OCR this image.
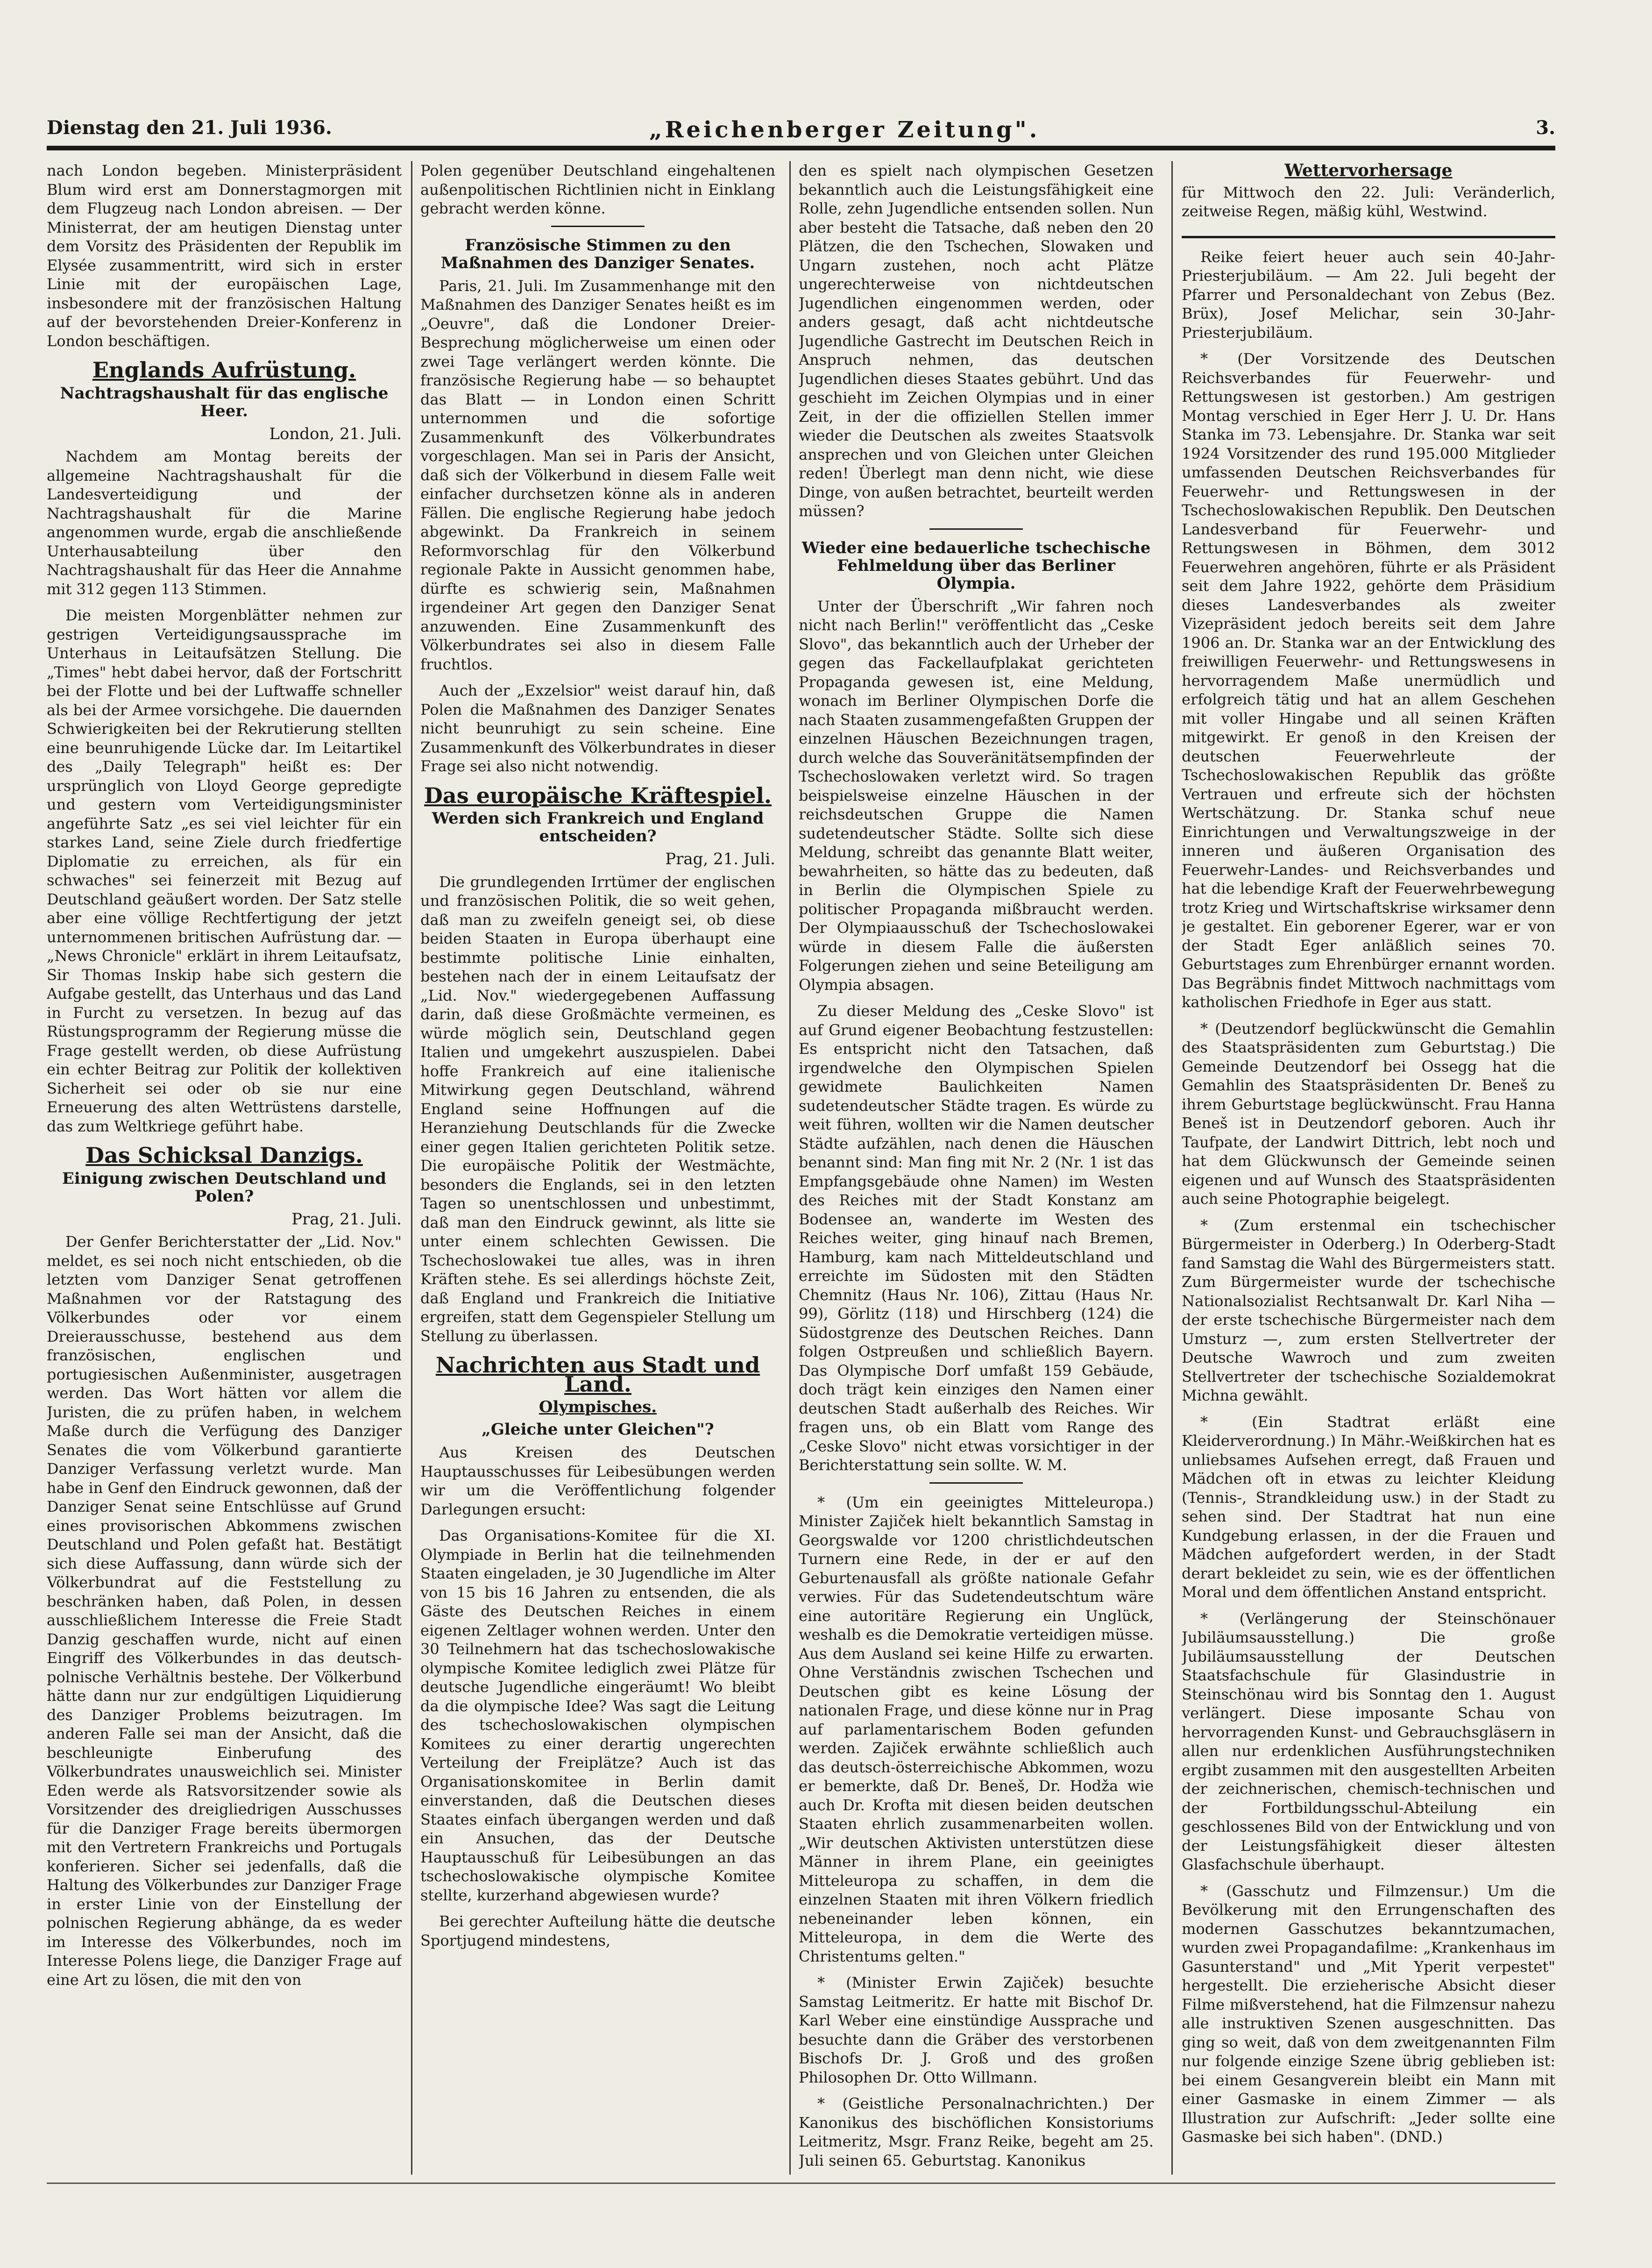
Dienstag den 21. Juli 1936.	„Reichenberger Zeitung".	3.

nach London begeben. Ministerpräsident Blum wird erst am Donnerstagmorgen mit dem Flugzeug nach London abreisen. — Der Ministerrat, der am heutigen Dienstag unter dem Vorsitz des Präsidenten der Republik im Elysée zusammentritt, wird sich in erster Linie mit der europäischen Lage, insbesondere mit der französischen Haltung auf der bevorstehenden Dreier-Konferenz in London beschäftigen.

Englands Aufrüstung.
Nachtragshaushalt für das englische Heer.
London, 21. Juli.

Nachdem am Montag bereits der allgemeine Nachtragshaushalt für die Landesverteidigung und der Nachtragshaushalt für die Marine angenommen wurde, ergab die anschließende Unterhausabteilung über den Nachtragshaushalt für das Heer die Annahme mit 312 gegen 113 Stimmen.

Die meisten Morgenblätter nehmen zur gestrigen Verteidigungsaussprache im Unterhaus in Leitaufsätzen Stellung. Die „Times" hebt dabei hervor, daß der Fortschritt bei der Flotte und bei der Luftwaffe schneller als bei der Armee vorsichgehe. Die dauernden Schwierigkeiten bei der Rekrutierung stellten eine beunruhigende Lücke dar. Im Leitartikel des „Daily Telegraph" heißt es: Der ursprünglich von Lloyd George gepredigte und gestern vom Verteidigungsminister angeführte Satz „es sei viel leichter für ein starkes Land, seine Ziele durch friedfertige Diplomatie zu erreichen, als für ein schwaches" sei feinerzeit mit Bezug auf Deutschland geäußert worden. Der Satz stelle aber eine völlige Rechtfertigung der jetzt unternommenen britischen Aufrüstung dar. — „News Chronicle" erklärt in ihrem Leitaufsatz, Sir Thomas Inskip habe sich gestern die Aufgabe gestellt, das Unterhaus und das Land in Furcht zu versetzen. In bezug auf das Rüstungsprogramm der Regierung müsse die Frage gestellt werden, ob diese Aufrüstung ein echter Beitrag zur Politik der kollektiven Sicherheit sei oder ob sie nur eine Erneuerung des alten Wettrüstens darstelle, das zum Weltkriege geführt habe.

Das Schicksal Danzigs.
Einigung zwischen Deutschland und Polen?
Prag, 21. Juli.

Der Genfer Berichterstatter der „Lid. Nov." meldet, es sei noch nicht entschieden, ob die letzten vom Danziger Senat getroffenen Maßnahmen vor der Ratstagung des Völkerbundes oder vor einem Dreierausschusse, bestehend aus dem französischen, englischen und portugiesischen Außenminister, ausgetragen werden. Das Wort hätten vor allem die Juristen, die zu prüfen haben, in welchem Maße durch die Verfügung des Danziger Senates die vom Völkerbund garantierte Danziger Verfassung verletzt wurde. Man habe in Genf den Eindruck gewonnen, daß der Danziger Senat seine Entschlüsse auf Grund eines provisorischen Abkommens zwischen Deutschland und Polen gefaßt hat. Bestätigt sich diese Auffassung, dann würde sich der Völkerbundrat auf die Feststellung zu beschränken haben, daß Polen, in dessen ausschließlichem Interesse die Freie Stadt Danzig geschaffen wurde, nicht auf einen Eingriff des Völkerbundes in das deutsch-polnische Verhältnis bestehe. Der Völkerbund hätte dann nur zur endgültigen Liquidierung des Danziger Problems beizutragen. Im anderen Falle sei man der Ansicht, daß die beschleunigte Einberufung des Völkerbundrates unausweichlich sei. Minister Eden werde als Ratsvorsitzender sowie als Vorsitzender des dreigliedrigen Ausschusses für die Danziger Frage bereits übermorgen mit den Vertretern Frankreichs und Portugals konferieren. Sicher sei jedenfalls, daß die Haltung des Völkerbundes zur Danziger Frage in erster Linie von der Einstellung der polnischen Regierung abhänge, da es weder im Interesse des Völkerbundes, noch im Interesse Polens liege, die Danziger Frage auf eine Art zu lösen, die mit den von

Polen gegenüber Deutschland eingehaltenen außenpolitischen Richtlinien nicht in Einklang gebracht werden könne.

Französische Stimmen zu den Maßnahmen des Danziger Senates.

Paris, 21. Juli. Im Zusammenhange mit den Maßnahmen des Danziger Senates heißt es im „Oeuvre", daß die Londoner Dreier-Besprechung möglicherweise um einen oder zwei Tage verlängert werden könnte. Die französische Regierung habe — so behauptet das Blatt — in London einen Schritt unternommen und die sofortige Zusammenkunft des Völkerbundrates vorgeschlagen. Man sei in Paris der Ansicht, daß sich der Völkerbund in diesem Falle weit einfacher durchsetzen könne als in anderen Fällen. Die englische Regierung habe jedoch abgewinkt. Da Frankreich in seinem Reformvorschlag für den Völkerbund regionale Pakte in Aussicht genommen habe, dürfte es schwierig sein, Maßnahmen irgendeiner Art gegen den Danziger Senat anzuwenden. Eine Zusammenkunft des Völkerbundrates sei also in diesem Falle fruchtlos.

Auch der „Exzelsior" weist darauf hin, daß Polen die Maßnahmen des Danziger Senates nicht beunruhigt zu sein scheine. Eine Zusammenkunft des Völkerbundrates in dieser Frage sei also nicht notwendig.

Das europäische Kräftespiel.
Werden sich Frankreich und England entscheiden?
Prag, 21. Juli.

Die grundlegenden Irrtümer der englischen und französischen Politik, die so weit gehen, daß man zu zweifeln geneigt sei, ob diese beiden Staaten in Europa überhaupt eine bestimmte politische Linie einhalten, bestehen nach der in einem Leitaufsatz der „Lid. Nov." wiedergegebenen Auffassung darin, daß diese Großmächte vermeinen, es würde möglich sein, Deutschland gegen Italien und umgekehrt auszuspielen. Dabei hoffe Frankreich auf eine italienische Mitwirkung gegen Deutschland, während England seine Hoffnungen auf die Heranziehung Deutschlands für die Zwecke einer gegen Italien gerichteten Politik setze. Die europäische Politik der Westmächte, besonders die Englands, sei in den letzten Tagen so unentschlossen und unbestimmt, daß man den Eindruck gewinnt, als litte sie unter einem schlechten Gewissen. Die Tschechoslowakei tue alles, was in ihren Kräften stehe. Es sei allerdings höchste Zeit, daß England und Frankreich die Initiative ergreifen, statt dem Gegenspieler Stellung um Stellung zu überlassen.

Nachrichten aus Stadt und Land.
Olympisches.
„Gleiche unter Gleichen"?

Aus Kreisen des Deutschen Hauptausschusses für Leibesübungen werden wir um die Veröffentlichung folgender Darlegungen ersucht:

Das Organisations-Komitee für die XI. Olympiade in Berlin hat die teilnehmenden Staaten eingeladen, je 30 Jugendliche im Alter von 15 bis 16 Jahren zu entsenden, die als Gäste des Deutschen Reiches in einem eigenen Zeltlager wohnen werden. Unter den 30 Teilnehmern hat das tschechoslowakische olympische Komitee lediglich zwei Plätze für deutsche Jugendliche eingeräumt! Wo bleibt da die olympische Idee? Was sagt die Leitung des tschechoslowakischen olympischen Komitees zu einer derartig ungerechten Verteilung der Freiplätze? Auch ist das Organisationskomitee in Berlin damit einverstanden, daß die Deutschen dieses Staates einfach übergangen werden und daß ein Ansuchen, das der Deutsche Hauptausschuß für Leibesübungen an das tschechoslowakische olympische Komitee stellte, kurzerhand abgewiesen wurde?

Bei gerechter Aufteilung hätte die deutsche Sportjugend mindestens,

den es spielt nach olympischen Gesetzen bekanntlich auch die Leistungsfähigkeit eine Rolle, zehn Jugendliche entsenden sollen. Nun aber besteht die Tatsache, daß neben den 20 Plätzen, die den Tschechen, Slowaken und Ungarn zustehen, noch acht Plätze ungerechterweise von nichtdeutschen Jugendlichen eingenommen werden, oder anders gesagt, daß acht nichtdeutsche Jugendliche Gastrecht im Deutschen Reich in Anspruch nehmen, das deutschen Jugendlichen dieses Staates gebührt. Und das geschieht im Zeichen Olympias und in einer Zeit, in der die offiziellen Stellen immer wieder die Deutschen als zweites Staatsvolk ansprechen und von Gleichen unter Gleichen reden! Überlegt man denn nicht, wie diese Dinge, von außen betrachtet, beurteilt werden müssen?

Wieder eine bedauerliche tschechische Fehlmeldung über das Berliner Olympia.

Unter der Überschrift „Wir fahren noch nicht nach Berlin!" veröffentlicht das „Ceske Slovo", das bekanntlich auch der Urheber der gegen das Fackellaufplakat gerichteten Propaganda gewesen ist, eine Meldung, wonach im Berliner Olympischen Dorfe die nach Staaten zusammengefaßten Gruppen der einzelnen Häuschen Bezeichnungen tragen, durch welche das Souveränitätsempfinden der Tschechoslowaken verletzt wird. So tragen beispielsweise einzelne Häuschen in der reichsdeutschen Gruppe die Namen sudetendeutscher Städte. Sollte sich diese Meldung, schreibt das genannte Blatt weiter, bewahrheiten, so hätte das zu bedeuten, daß in Berlin die Olympischen Spiele zu politischer Propaganda mißbraucht werden. Der Olympiaausschuß der Tschechoslowakei würde in diesem Falle die äußersten Folgerungen ziehen und seine Beteiligung am Olympia absagen.

Zu dieser Meldung des „Ceske Slovo" ist auf Grund eigener Beobachtung festzustellen: Es entspricht nicht den Tatsachen, daß irgendwelche den Olympischen Spielen gewidmete Baulichkeiten Namen sudetendeutscher Städte tragen. Es würde zu weit führen, wollten wir die Namen deutscher Städte aufzählen, nach denen die Häuschen benannt sind: Man fing mit Nr. 2 (Nr. 1 ist das Empfangsgebäude ohne Namen) im Westen des Reiches mit der Stadt Konstanz am Bodensee an, wanderte im Westen des Reiches weiter, ging hinauf nach Bremen, Hamburg, kam nach Mitteldeutschland und erreichte im Südosten mit den Städten Chemnitz (Haus Nr. 106), Zittau (Haus Nr. 99), Görlitz (118) und Hirschberg (124) die Südostgrenze des Deutschen Reiches. Dann folgen Ostpreußen und schließlich Bayern. Das Olympische Dorf umfaßt 159 Gebäude, doch trägt kein einziges den Namen einer deutschen Stadt außerhalb des Reiches. Wir fragen uns, ob ein Blatt vom Range des „Ceske Slovo" nicht etwas vorsichtiger in der Berichterstattung sein sollte. W. M.

* (Um ein geeinigtes Mitteleuropa.) Minister Zajiček hielt bekanntlich Samstag in Georgswalde vor 1200 christlichdeutschen Turnern eine Rede, in der er auf den Geburtenausfall als größte nationale Gefahr verwies. Für das Sudetendeutschtum wäre eine autoritäre Regierung ein Unglück, weshalb es die Demokratie verteidigen müsse. Aus dem Ausland sei keine Hilfe zu erwarten. Ohne Verständnis zwischen Tschechen und Deutschen gibt es keine Lösung der nationalen Frage, und diese könne nur in Prag auf parlamentarischem Boden gefunden werden. Zajiček erwähnte schließlich auch das deutsch-österreichische Abkommen, wozu er bemerkte, daß Dr. Beneš, Dr. Hodža wie auch Dr. Krofta mit diesen beiden deutschen Staaten ehrlich zusammenarbeiten wollen. „Wir deutschen Aktivisten unterstützen diese Männer in ihrem Plane, ein geeinigtes Mitteleuropa zu schaffen, in dem die einzelnen Staaten mit ihren Völkern friedlich nebeneinander leben können, ein Mitteleuropa, in dem die Werte des Christentums gelten."

* (Minister Erwin Zajiček) besuchte Samstag Leitmeritz. Er hatte mit Bischof Dr. Karl Weber eine einstündige Aussprache und besuchte dann die Gräber des verstorbenen Bischofs Dr. J. Groß und des großen Philosophen Dr. Otto Willmann.

* (Geistliche Personalnachrichten.) Der Kanonikus des bischöflichen Konsistoriums Leitmeritz, Msgr. Franz Reike, begeht am 25. Juli seinen 65. Geburtstag. Kanonikus

Wettervorhersage

für Mittwoch den 22. Juli: Veränderlich, zeitweise Regen, mäßig kühl, Westwind.

Reike feiert heuer auch sein 40-Jahr-Priesterjubiläum. — Am 22. Juli begeht der Pfarrer und Personaldechant von Zebus (Bez. Brüx), Josef Melichar, sein 30-Jahr-Priesterjubiläum.

* (Der Vorsitzende des Deutschen Reichsverbandes für Feuerwehr- und Rettungswesen ist gestorben.) Am gestrigen Montag verschied in Eger Herr J. U. Dr. Hans Stanka im 73. Lebensjahre. Dr. Stanka war seit 1924 Vorsitzender des rund 195.000 Mitglieder umfassenden Deutschen Reichsverbandes für Feuerwehr- und Rettungswesen in der Tschechoslowakischen Republik. Den Deutschen Landesverband für Feuerwehr- und Rettungswesen in Böhmen, dem 3012 Feuerwehren angehören, führte er als Präsident seit dem Jahre 1922, gehörte dem Präsidium dieses Landesverbandes als zweiter Vizepräsident jedoch bereits seit dem Jahre 1906 an. Dr. Stanka war an der Entwicklung des freiwilligen Feuerwehr- und Rettungswesens in hervorragendem Maße unermüdlich und erfolgreich tätig und hat an allem Geschehen mit voller Hingabe und all seinen Kräften mitgewirkt. Er genoß in den Kreisen der deutschen Feuerwehrleute der Tschechoslowakischen Republik das größte Vertrauen und erfreute sich der höchsten Wertschätzung. Dr. Stanka schuf neue Einrichtungen und Verwaltungszweige in der inneren und äußeren Organisation des Feuerwehr-Landes- und Reichsverbandes und hat die lebendige Kraft der Feuerwehrbewegung trotz Krieg und Wirtschaftskrise wirksamer denn je gestaltet. Ein geborener Egerer, war er von der Stadt Eger anläßlich seines 70. Geburtstages zum Ehrenbürger ernannt worden. Das Begräbnis findet Mittwoch nachmittags vom katholischen Friedhofe in Eger aus statt.

* (Deutzendorf beglückwünscht die Gemahlin des Staatspräsidenten zum Geburtstag.) Die Gemeinde Deutzendorf bei Ossegg hat die Gemahlin des Staatspräsidenten Dr. Beneš zu ihrem Geburtstage beglückwünscht. Frau Hanna Beneš ist in Deutzendorf geboren. Auch ihr Taufpate, der Landwirt Dittrich, lebt noch und hat dem Glückwunsch der Gemeinde seinen eigenen und auf Wunsch des Staatspräsidenten auch seine Photographie beigelegt.

* (Zum erstenmal ein tschechischer Bürgermeister in Oderberg.) In Oderberg-Stadt fand Samstag die Wahl des Bürgermeisters statt. Zum Bürgermeister wurde der tschechische Nationalsozialist Rechtsanwalt Dr. Karl Niha — der erste tschechische Bürgermeister nach dem Umsturz —, zum ersten Stellvertreter der Deutsche Wawroch und zum zweiten Stellvertreter der tschechische Sozialdemokrat Michna gewählt.

* (Ein Stadtrat erläßt eine Kleiderverordnung.) In Mähr.-Weißkirchen hat es unliebsames Aufsehen erregt, daß Frauen und Mädchen oft in etwas zu leichter Kleidung (Tennis-, Strandkleidung usw.) in der Stadt zu sehen sind. Der Stadtrat hat nun eine Kundgebung erlassen, in der die Frauen und Mädchen aufgefordert werden, in der Stadt derart bekleidet zu sein, wie es der öffentlichen Moral und dem öffentlichen Anstand entspricht.

* (Verlängerung der Steinschönauer Jubiläumsausstellung.) Die große Jubiläumsausstellung der Deutschen Staatsfachschule für Glasindustrie in Steinschönau wird bis Sonntag den 1. August verlängert. Diese imposante Schau von hervorragenden Kunst- und Gebrauchsgläsern in allen nur erdenklichen Ausführungstechniken ergibt zusammen mit den ausgestellten Arbeiten der zeichnerischen, chemisch-technischen und der Fortbildungsschul-Abteilung ein geschlossenes Bild von der Entwicklung und von der Leistungsfähigkeit dieser ältesten Glasfachschule überhaupt.

* (Gasschutz und Filmzensur.) Um die Bevölkerung mit den Errungenschaften des modernen Gasschutzes bekanntzumachen, wurden zwei Propagandafilme: „Krankenhaus im Gasunterstand" und „Mit Yperit verpestet" hergestellt. Die erzieherische Absicht dieser Filme mißverstehend, hat die Filmzensur nahezu alle instruktiven Szenen ausgeschnitten. Das ging so weit, daß von dem zweitgenannten Film nur folgende einzige Szene übrig geblieben ist: bei einem Gesangverein bleibt ein Mann mit einer Gasmaske in einem Zimmer — als Illustration zur Aufschrift: „Jeder sollte eine Gasmaske bei sich haben". (DND.)
